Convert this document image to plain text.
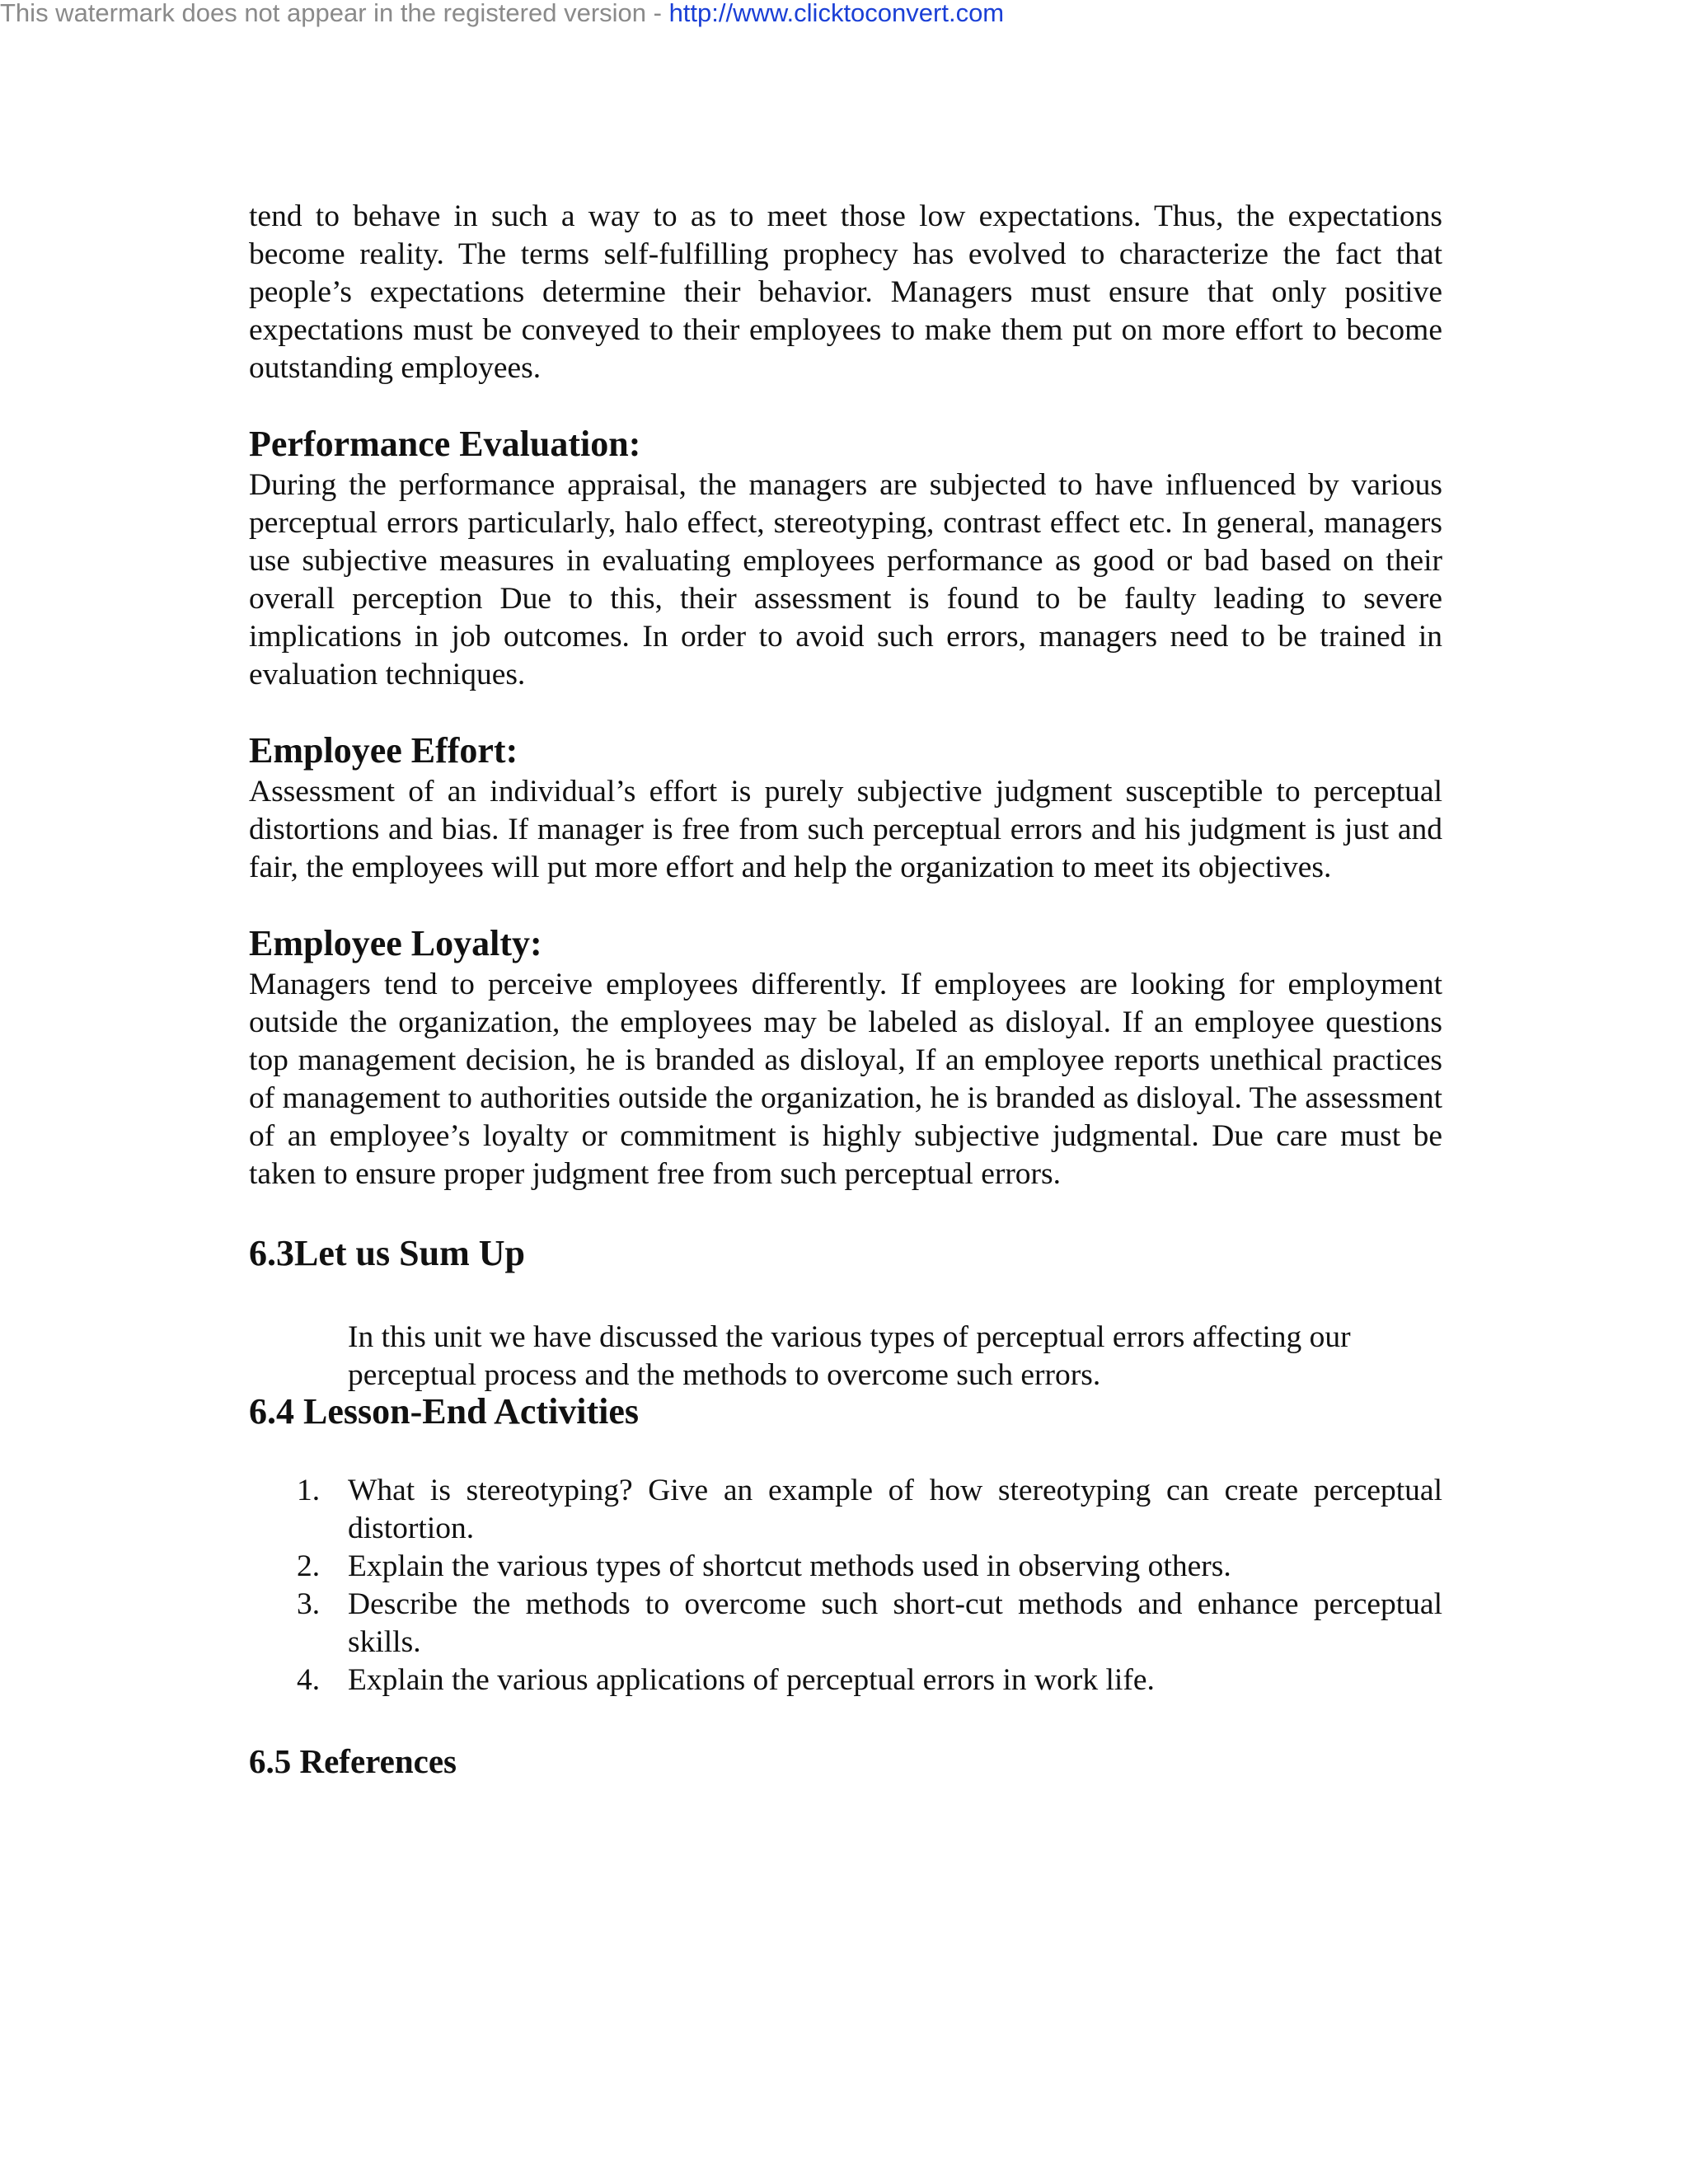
This watermark does not appear in the registered version - http://www.clicktoconvert.com

tend to behave in such a way to as to meet those low expectations. Thus, the expectations become reality. The terms self-fulfilling prophecy has evolved to characterize the fact that people’s expectations determine their behavior. Managers must ensure that only positive expectations must be conveyed to their employees to make them put on more effort to become outstanding employees.

Performance Evaluation:

During the performance appraisal, the managers are subjected to have influenced by various perceptual errors particularly, halo effect, stereotyping, contrast effect etc. In general, managers use subjective measures in evaluating employees performance as good or bad based on their overall perception Due to this, their assessment is found to be faulty leading to severe implications in job outcomes. In order to avoid such errors, managers need to be trained in evaluation techniques.

Employee Effort:

Assessment of an individual’s effort is purely subjective judgment susceptible to perceptual distortions and bias. If manager is free from such perceptual errors and his judgment is just and fair, the employees will put more effort and help the organization to meet its objectives.

Employee Loyalty:

Managers tend to perceive employees differently. If employees are looking for employment outside the organization, the employees may be labeled as disloyal. If an employee questions top management decision, he is branded as disloyal, If an employee reports unethical practices of management to authorities outside the organization, he is branded as disloyal. The assessment of an employee’s loyalty or commitment is highly subjective judgmental. Due care must be taken to ensure proper judgment free from such perceptual errors.

6.3Let us Sum Up

In this unit we have discussed the various types of perceptual errors affecting our perceptual process and the methods to overcome such errors.

6.4 Lesson-End Activities
1. What is stereotyping? Give an example of how stereotyping can create perceptual distortion.
2. Explain the various types of shortcut methods used in observing others.
3. Describe the methods to overcome such short-cut methods and enhance perceptual skills.
4. Explain the various applications of perceptual errors in work life.
6.5 References
